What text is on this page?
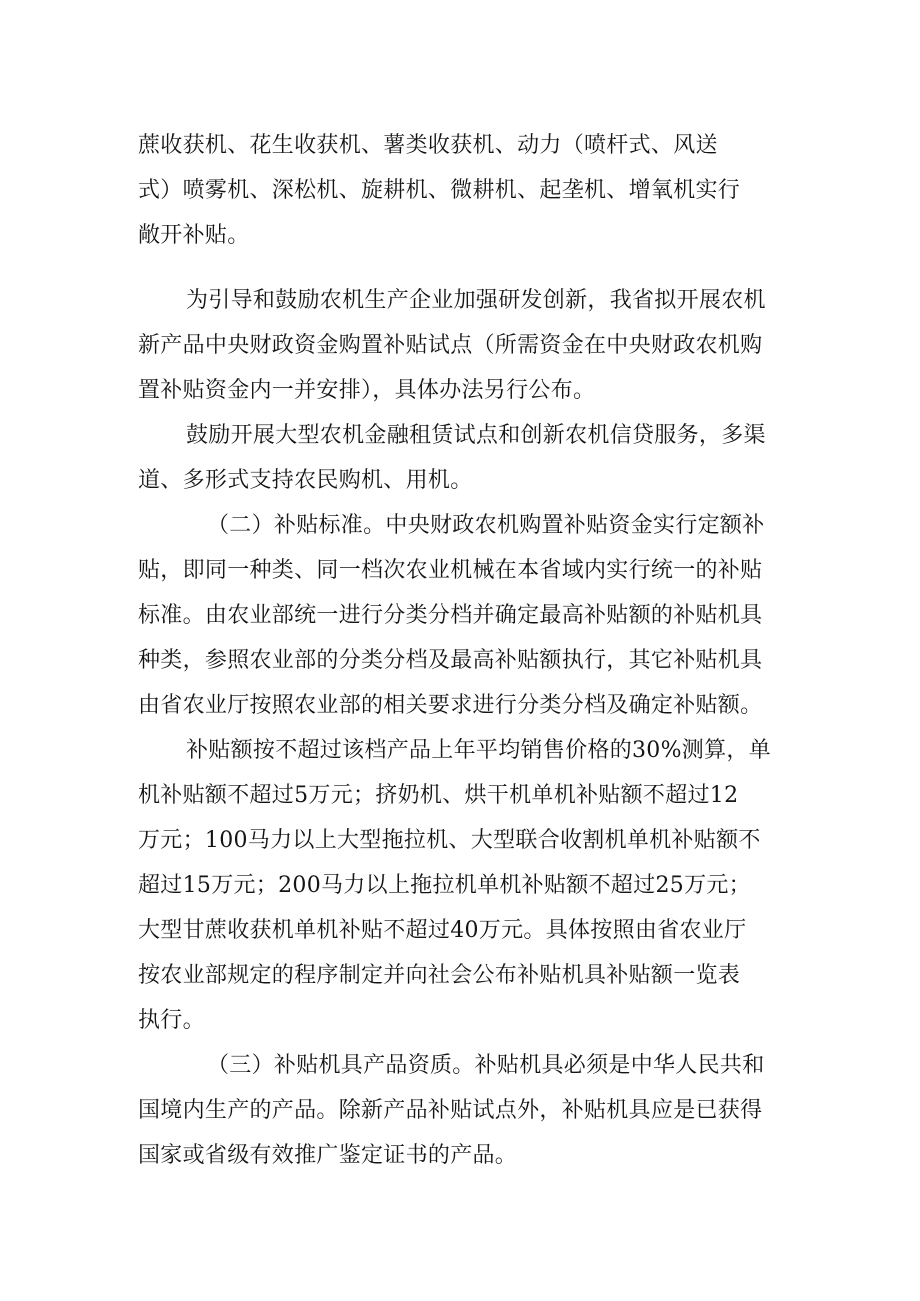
蔗收获机、花生收获机、薯类收获机、动力（喷杆式、风送
式）喷雾机、深松机、旋耕机、微耕机、起垄机、增氧机实行
敞开补贴。
为引导和鼓励农机生产企业加强研发创新，我省拟开展农机
新产品中央财政资金购置补贴试点（所需资金在中央财政农机购
置补贴资金内一并安排），具体办法另行公布。
鼓励开展大型农机金融租赁试点和创新农机信贷服务，多渠
道、多形式支持农民购机、用机。
（二）补贴标准。中央财政农机购置补贴资金实行定额补
贴，即同一种类、同一档次农业机械在本省域内实行统一的补贴
标准。由农业部统一进行分类分档并确定最高补贴额的补贴机具
种类，参照农业部的分类分档及最高补贴额执行，其它补贴机具
由省农业厅按照农业部的相关要求进行分类分档及确定补贴额。
补贴额按不超过该档产品上年平均销售价格的30%测算，单
机补贴额不超过5万元；挤奶机、烘干机单机补贴额不超过12
万元；100马力以上大型拖拉机、大型联合收割机单机补贴额不
超过15万元；200马力以上拖拉机单机补贴额不超过25万元；
大型甘蔗收获机单机补贴不超过40万元。具体按照由省农业厅
按农业部规定的程序制定并向社会公布补贴机具补贴额一览表
执行。
（三）补贴机具产品资质。补贴机具必须是中华人民共和
国境内生产的产品。除新产品补贴试点外，补贴机具应是已获得
国家或省级有效推广鉴定证书的产品。
